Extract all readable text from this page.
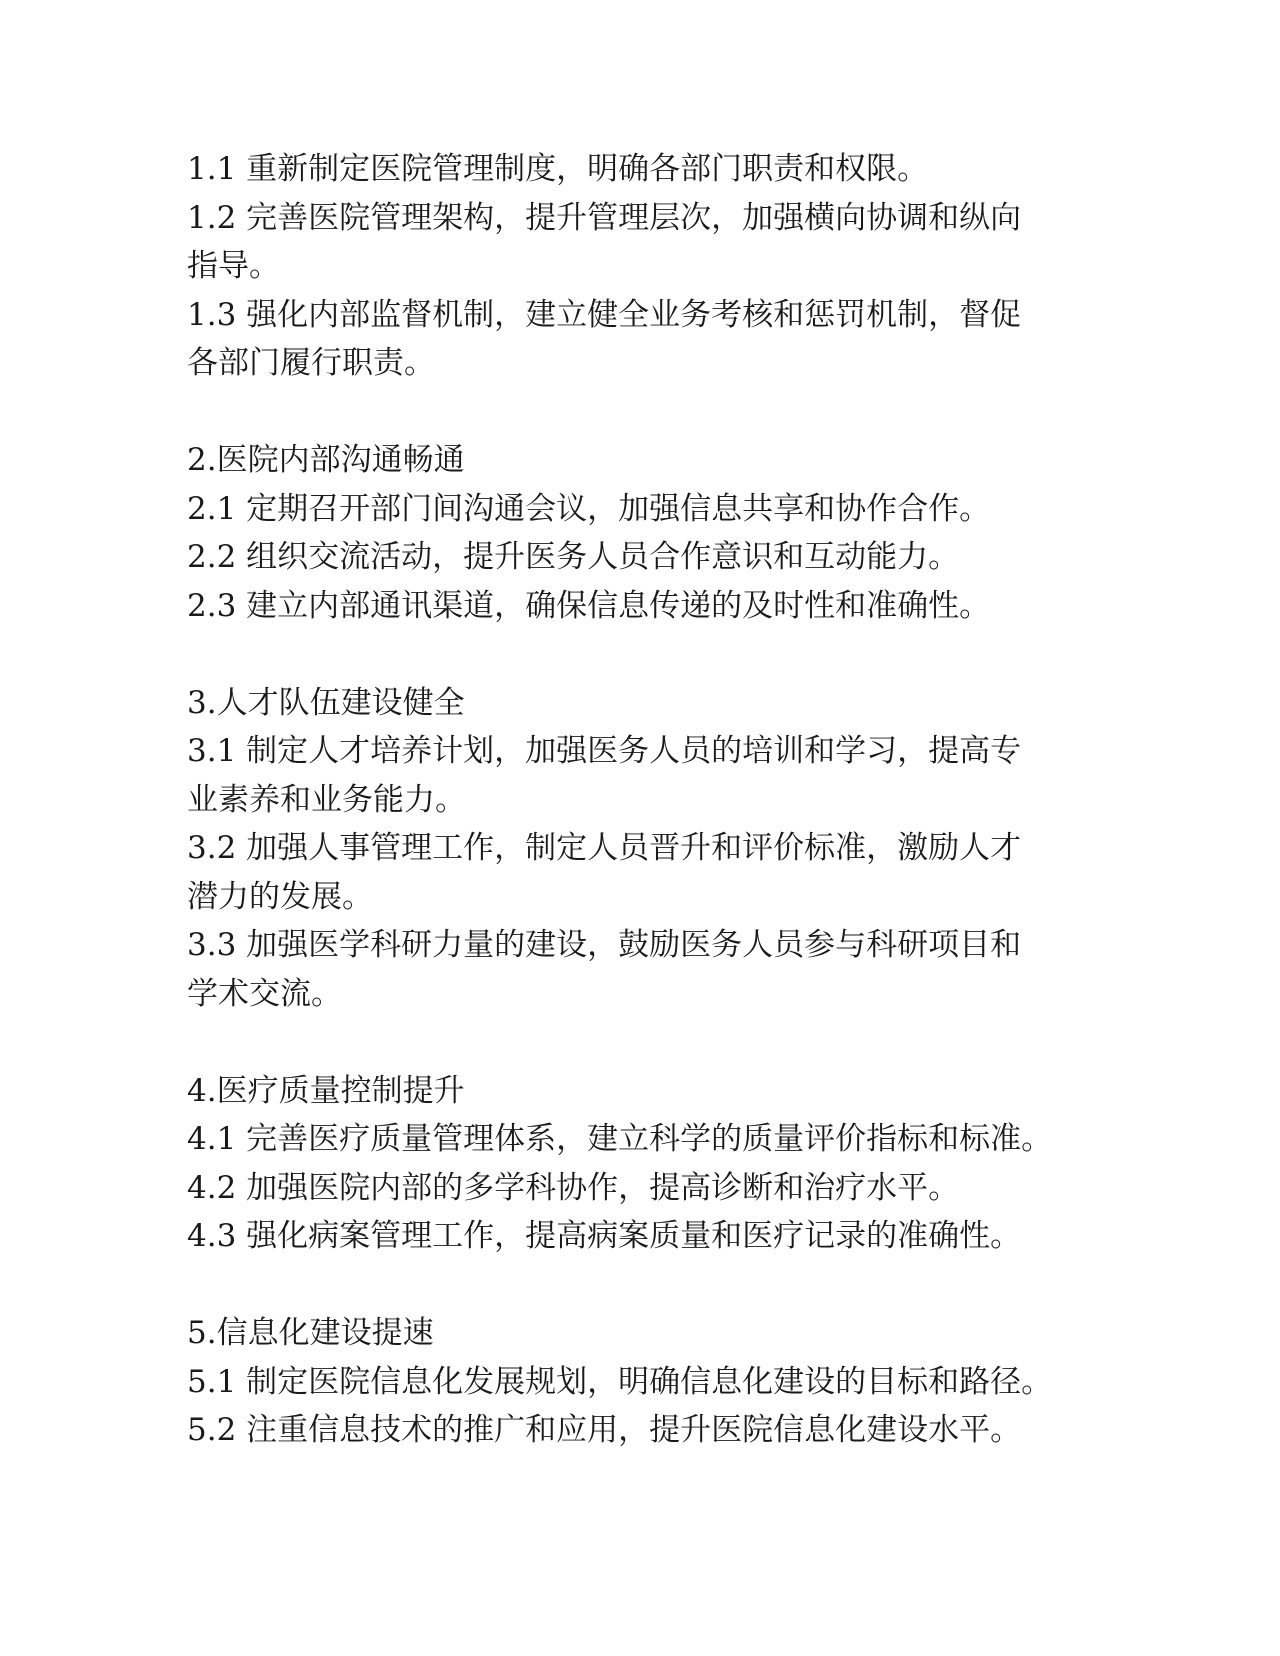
1.1 重新制定医院管理制度，明确各部门职责和权限。
1.2 完善医院管理架构，提升管理层次，加强横向协调和纵向
指导。
1.3 强化内部监督机制，建立健全业务考核和惩罚机制，督促
各部门履行职责。
2.医院内部沟通畅通
2.1 定期召开部门间沟通会议，加强信息共享和协作合作。
2.2 组织交流活动，提升医务人员合作意识和互动能力。
2.3 建立内部通讯渠道，确保信息传递的及时性和准确性。
3.人才队伍建设健全
3.1 制定人才培养计划，加强医务人员的培训和学习，提高专
业素养和业务能力。
3.2 加强人事管理工作，制定人员晋升和评价标准，激励人才
潜力的发展。
3.3 加强医学科研力量的建设，鼓励医务人员参与科研项目和
学术交流。
4.医疗质量控制提升
4.1 完善医疗质量管理体系，建立科学的质量评价指标和标准。
4.2 加强医院内部的多学科协作，提高诊断和治疗水平。
4.3 强化病案管理工作，提高病案质量和医疗记录的准确性。
5.信息化建设提速
5.1 制定医院信息化发展规划，明确信息化建设的目标和路径。
5.2 注重信息技术的推广和应用，提升医院信息化建设水平。
